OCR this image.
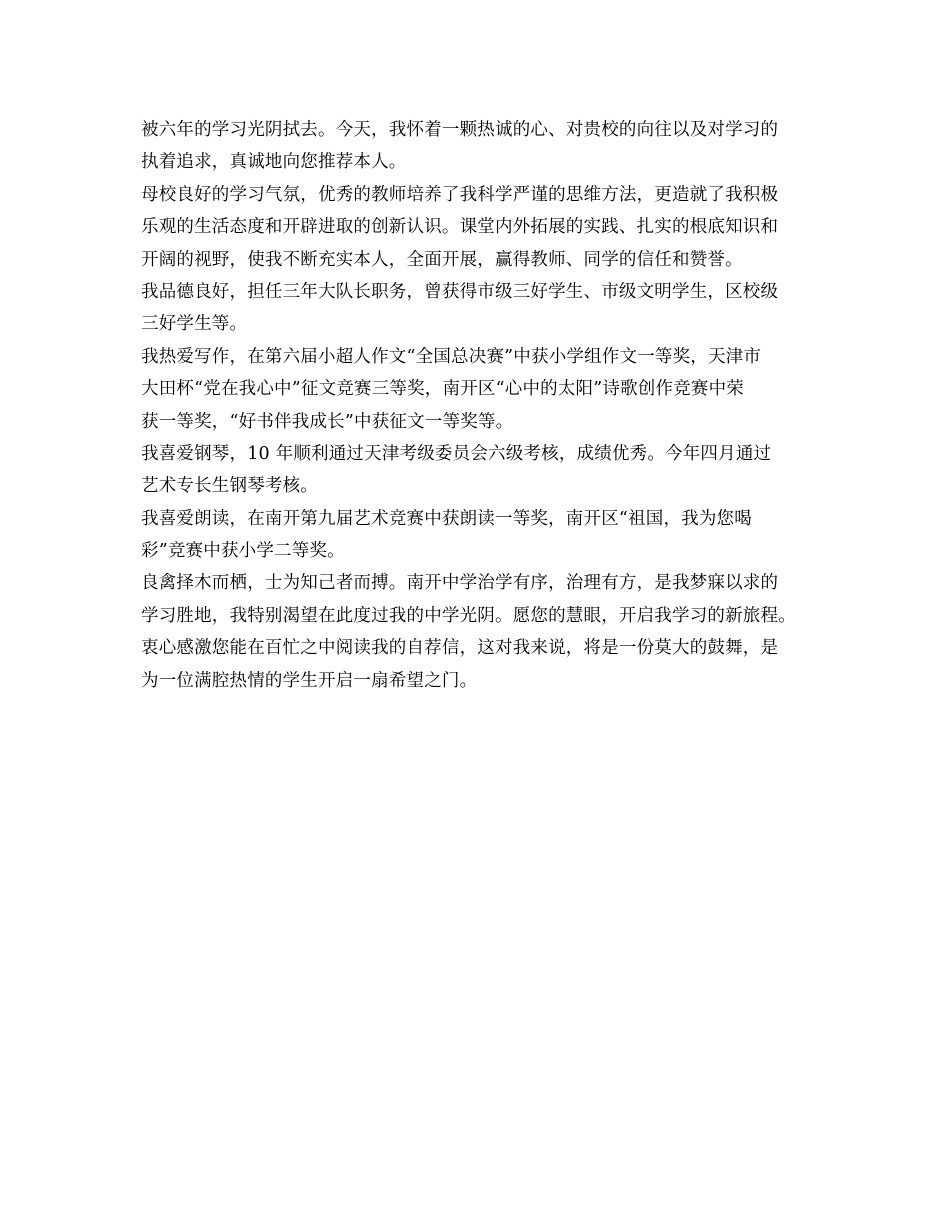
被六年的学习光阴拭去。今天，我怀着一颗热诚的心、对贵校的向往以及对学习的
执着追求，真诚地向您推荐本人。
母校良好的学习气氛，优秀的教师培养了我科学严谨的思维方法，更造就了我积极
乐观的生活态度和开辟进取的创新认识。课堂内外拓展的实践、扎实的根底知识和
开阔的视野，使我不断充实本人，全面开展，赢得教师、同学的信任和赞誉。
我品德良好，担任三年大队长职务，曾获得市级三好学生、市级文明学生，区校级
三好学生等。
我热爱写作，在第六届小超人作文“全国总决赛”中获小学组作文一等奖，天津市
大田杯“党在我心中”征文竞赛三等奖，南开区“心中的太阳”诗歌创作竞赛中荣
获一等奖，“好书伴我成长”中获征文一等奖等。
我喜爱钢琴，10 年顺利通过天津考级委员会六级考核，成绩优秀。今年四月通过
艺术专长生钢琴考核。
我喜爱朗读，在南开第九届艺术竞赛中获朗读一等奖，南开区“祖国，我为您喝
彩”竞赛中获小学二等奖。
良禽择木而栖，士为知己者而搏。南开中学治学有序，治理有方，是我梦寐以求的
学习胜地，我特别渴望在此度过我的中学光阴。愿您的慧眼，开启我学习的新旅程。
衷心感激您能在百忙之中阅读我的自荐信，这对我来说，将是一份莫大的鼓舞，是
为一位满腔热情的学生开启一扇希望之门。
